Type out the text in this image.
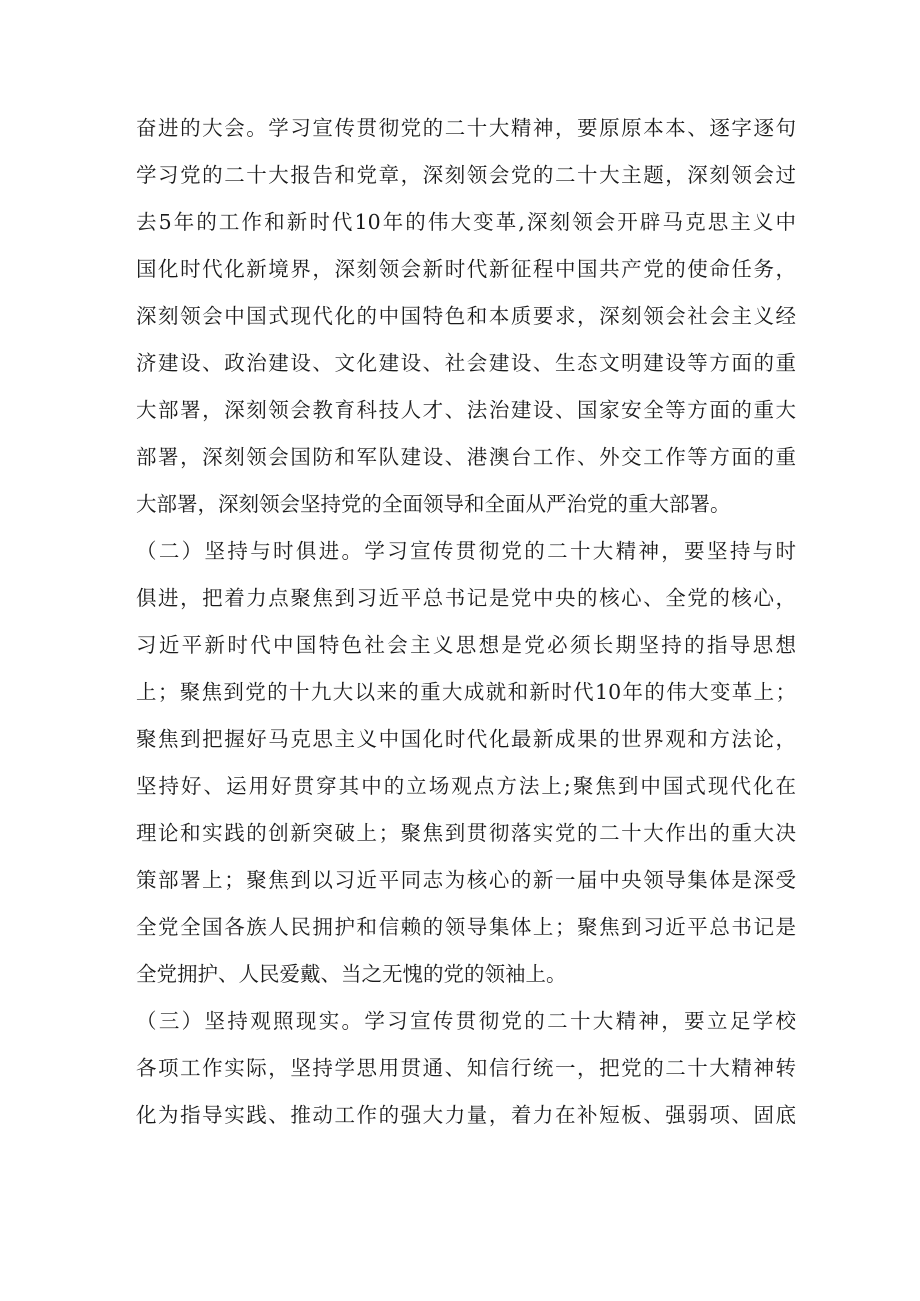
奋进的大会。学习宣传贯彻党的二十大精神，要原原本本、逐字逐句
学习党的二十大报告和党章，深刻领会党的二十大主题，深刻领会过
去5年的工作和新时代10年的伟大变革,深刻领会开辟马克思主义中
国化时代化新境界，深刻领会新时代新征程中国共产党的使命任务，
深刻领会中国式现代化的中国特色和本质要求，深刻领会社会主义经
济建设、政治建设、文化建设、社会建设、生态文明建设等方面的重
大部署，深刻领会教育科技人才、法治建设、国家安全等方面的重大
部署，深刻领会国防和军队建设、港澳台工作、外交工作等方面的重
大部署，深刻领会坚持党的全面领导和全面从严治党的重大部署。
（二）坚持与时俱进。学习宣传贯彻党的二十大精神，要坚持与时
俱进，把着力点聚焦到习近平总书记是党中央的核心、全党的核心，
习近平新时代中国特色社会主义思想是党必须长期坚持的指导思想
上；聚焦到党的十九大以来的重大成就和新时代10年的伟大变革上；
聚焦到把握好马克思主义中国化时代化最新成果的世界观和方法论，
坚持好、运用好贯穿其中的立场观点方法上;聚焦到中国式现代化在
理论和实践的创新突破上；聚焦到贯彻落实党的二十大作出的重大决
策部署上；聚焦到以习近平同志为核心的新一届中央领导集体是深受
全党全国各族人民拥护和信赖的领导集体上；聚焦到习近平总书记是
全党拥护、人民爱戴、当之无愧的党的领袖上。
（三）坚持观照现实。学习宣传贯彻党的二十大精神，要立足学校
各项工作实际，坚持学思用贯通、知信行统一，把党的二十大精神转
化为指导实践、推动工作的强大力量，着力在补短板、强弱项、固底
